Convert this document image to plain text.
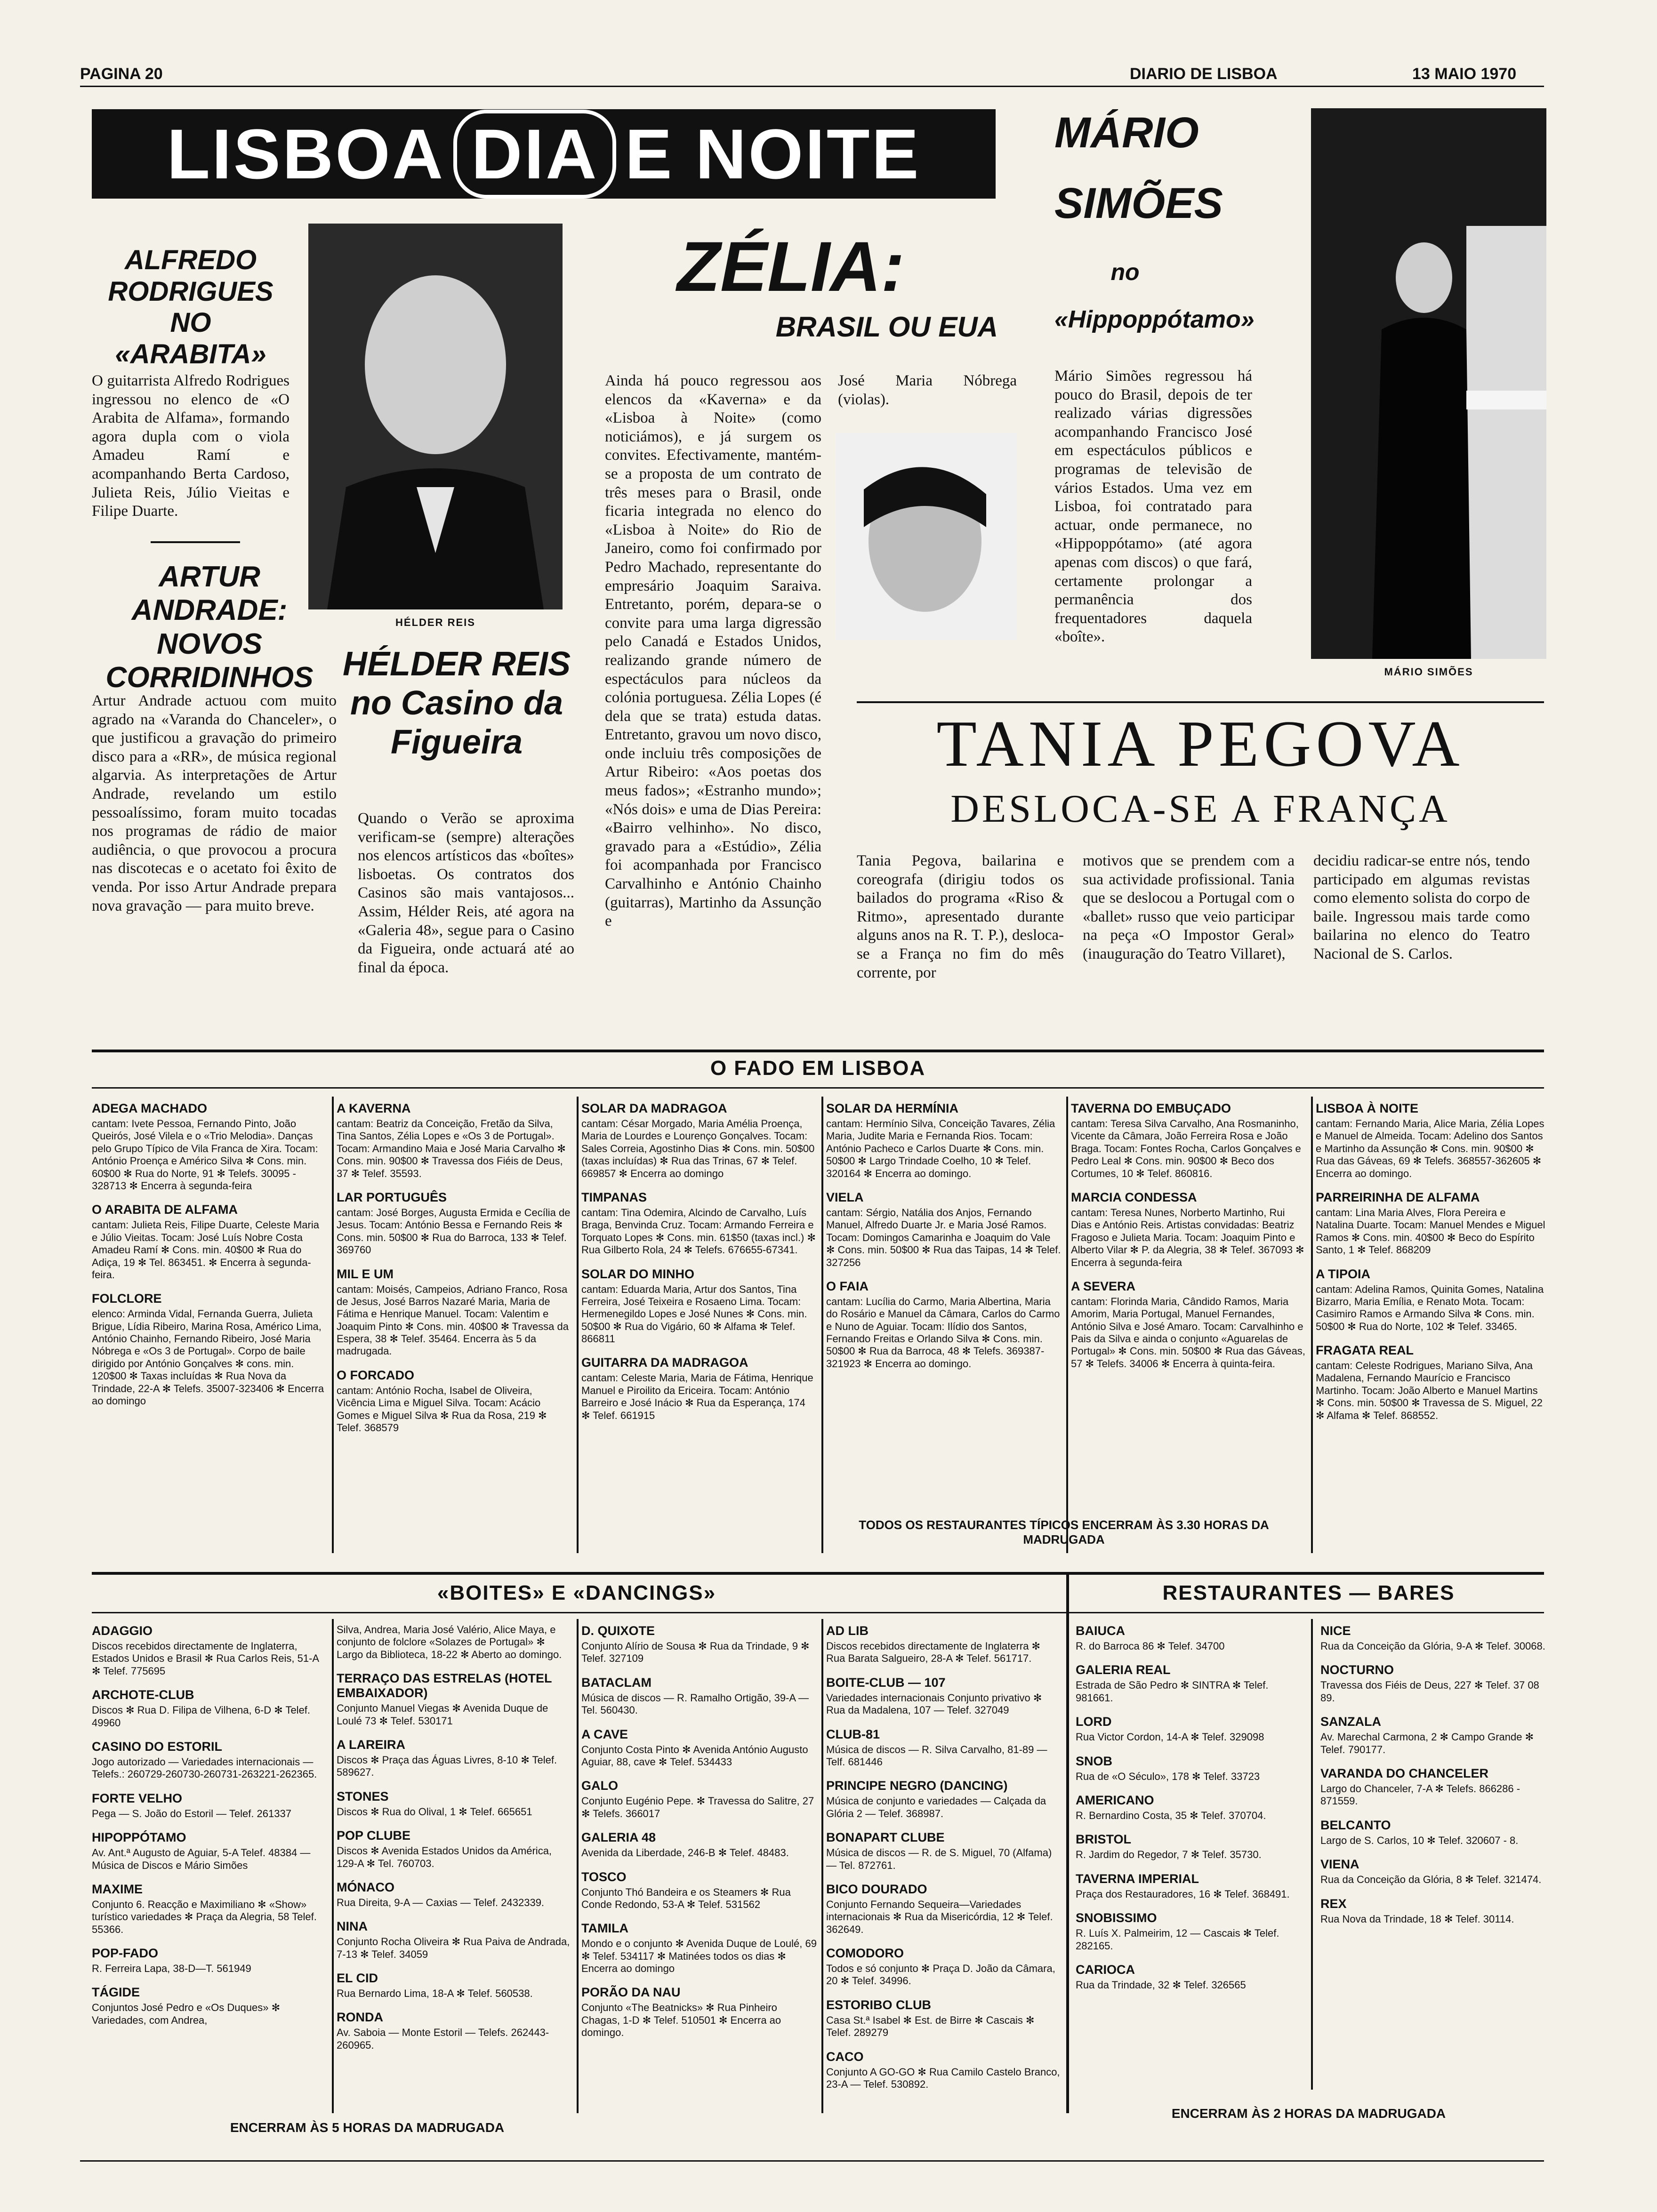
PAGINA 20	DIARIO DE LISBOA	13 MAIO 1970
LISBOA DIA E NOITE
ALFREDO RODRIGUES NO «ARABITA»
O guitarrista Alfredo Rodrigues ingressou no elenco de «O Arabita de Alfama», formando agora dupla com o viola Amadeu Ramí e acompanhando Berta Cardoso, Julieta Reis, Júlio Vieitas e Filipe Duarte.
ARTUR ANDRADE: NOVOS CORRIDINHOS
Artur Andrade actuou com muito agrado na «Varanda do Chanceler», o que justificou a gravação do primeiro disco para a «RR», de música regional algarvia. As interpretações de Artur Andrade, revelando um estilo pessoalíssimo, foram muito tocadas nos programas de rádio de maior audiência, o que provocou a procura nas discotecas e o acetato foi êxito de venda. Por isso Artur Andrade prepara nova gravação — para muito breve.
HÉLDER REIS
HÉLDER REIS no Casino da Figueira
Quando o Verão se aproxima verificam-se (sempre) alterações nos elencos artísticos das «boîtes» lisboetas. Os contratos dos Casinos são mais vantajosos... Assim, Hélder Reis, até agora na «Galeria 48», segue para o Casino da Figueira, onde actuará até ao final da época.
ZÉLIA:
BRASIL OU EUA
Ainda há pouco regressou aos elencos da «Kaverna» e da «Lisboa à Noite» (como noticiámos), e já surgem os convites. Efectivamente, mantém-se a proposta de um contrato de três meses para o Brasil, onde ficaria integrada no elenco do «Lisboa à Noite» do Rio de Janeiro, como foi confirmado por Pedro Machado, representante do empresário Joaquim Saraiva. Entretanto, porém, depara-se o convite para uma larga digressão pelo Canadá e Estados Unidos, realizando grande número de espectáculos para núcleos da colónia portuguesa. Zélia Lopes (é dela que se trata) estuda datas. Entretanto, gravou um novo disco, onde incluiu três composições de Artur Ribeiro: «Aos poetas dos meus fados»; «Estranho mundo»; «Nós dois» e uma de Dias Pereira: «Bairro velhinho». No disco, gravado para a «Estúdio», Zélia foi acompanhada por Francisco Carvalhinho e António Chainho (guitarras), Martinho da Assunção e
José Maria Nóbrega (violas).
MÁRIO
SIMÕES
no
«Hippoppótamo»
Mário Simões regressou há pouco do Brasil, depois de ter realizado várias digressões acompanhando Francisco José em espectáculos públicos e programas de televisão de vários Estados. Uma vez em Lisboa, foi contratado para actuar, onde permanece, no «Hippoppótamo» (até agora apenas com discos) o que fará, certamente prolongar a permanência dos frequentadores daquela «boîte».
MÁRIO SIMÕES
TANIA PEGOVA
DESLOCA-SE A FRANÇA
Tania Pegova, bailarina e coreografa (dirigiu todos os bailados do programa «Riso & Ritmo», apresentado durante alguns anos na R. T. P.), desloca-se a França no fim do mês corrente, por
motivos que se prendem com a sua actividade profissional. Tania que se deslocou a Portugal com o «ballet» russo que veio participar na peça «O Impostor Geral» (inauguração do Teatro Villaret),
decidiu radicar-se entre nós, tendo participado em algumas revistas como elemento solista do corpo de baile. Ingressou mais tarde como bailarina no elenco do Teatro Nacional de S. Carlos.
O FADO EM LISBOA
ADEGA MACHADO
cantam: Ivete Pessoa, Fernando Pinto, João Queirós, José Vilela e o «Trio Melodia». Danças pelo Grupo Típico de Vila Franca de Xira. Tocam: António Proença e Américo Silva ✻ Cons. min. 60$00 ✻ Rua do Norte, 91 ✻ Telefs. 30095 - 328713 ✻ Encerra à segunda-feira
O ARABITA DE ALFAMA
cantam: Julieta Reis, Filipe Duarte, Celeste Maria e Júlio Vieitas. Tocam: José Luís Nobre Costa Amadeu Ramí ✻ Cons. min. 40$00 ✻ Rua do Adiça, 19 ✻ Tel. 863451. ✻ Encerra à segunda-feira.
FOLCLORE
elenco: Arminda Vidal, Fernanda Guerra, Julieta Brigue, Lídia Ribeiro, Marina Rosa, Américo Lima, António Chainho, Fernando Ribeiro, José Maria Nóbrega e «Os 3 de Portugal». Corpo de baile dirigido por António Gonçalves ✻ cons. min. 120$00 ✻ Taxas incluídas ✻ Rua Nova da Trindade, 22-A ✻ Telefs. 35007-323406 ✻ Encerra ao domingo
A KAVERNA
cantam: Beatriz da Conceição, Fretão da Silva, Tina Santos, Zélia Lopes e «Os 3 de Portugal». Tocam: Armandino Maia e José Maria Carvalho ✻ Cons. min. 90$00 ✻ Travessa dos Fiéis de Deus, 37 ✻ Telef. 35593.
LAR PORTUGUÊS
cantam: José Borges, Augusta Ermida e Cecília de Jesus. Tocam: António Bessa e Fernando Reis ✻ Cons. min. 50$00 ✻ Rua do Barroca, 133 ✻ Telef. 369760
MIL E UM
cantam: Moisés, Campeios, Adriano Franco, Rosa de Jesus, José Barros Nazaré Maria, Maria de Fátima e Henrique Manuel. Tocam: Valentim e Joaquim Pinto ✻ Cons. min. 40$00 ✻ Travessa da Espera, 38 ✻ Telef. 35464. Encerra às 5 da madrugada.
O FORCADO
cantam: António Rocha, Isabel de Oliveira, Vicência Lima e Miguel Silva. Tocam: Acácio Gomes e Miguel Silva ✻ Rua da Rosa, 219 ✻ Telef. 368579
SOLAR DA MADRAGOA
cantam: César Morgado, Maria Amélia Proença, Maria de Lourdes e Lourenço Gonçalves. Tocam: Sales Correia, Agostinho Dias ✻ Cons. min. 50$00 (taxas incluídas) ✻ Rua das Trinas, 67 ✻ Telef. 669857 ✻ Encerra ao domingo
TIMPANAS
cantam: Tina Odemira, Alcindo de Carvalho, Luís Braga, Benvinda Cruz. Tocam: Armando Ferreira e Torquato Lopes ✻ Cons. min. 61$50 (taxas incl.) ✻ Rua Gilberto Rola, 24 ✻ Telefs. 676655-67341.
SOLAR DO MINHO
cantam: Eduarda Maria, Artur dos Santos, Tina Ferreira, José Teixeira e Rosaeno Lima. Tocam: Hermenegildo Lopes e José Nunes ✻ Cons. min. 50$00 ✻ Rua do Vigário, 60 ✻ Alfama ✻ Telef. 866811
GUITARRA DA MADRAGOA
cantam: Celeste Maria, Maria de Fátima, Henrique Manuel e Piroilito da Ericeira. Tocam: António Barreiro e José Inácio ✻ Rua da Esperança, 174 ✻ Telef. 661915
SOLAR DA HERMÍNIA
cantam: Hermínio Silva, Conceição Tavares, Zélia Maria, Judite Maria e Fernanda Rios. Tocam: António Pacheco e Carlos Duarte ✻ Cons. min. 50$00 ✻ Largo Trindade Coelho, 10 ✻ Telef. 320164 ✻ Encerra ao domingo.
VIELA
cantam: Sérgio, Natália dos Anjos, Fernando Manuel, Alfredo Duarte Jr. e Maria José Ramos. Tocam: Domingos Camarinha e Joaquim do Vale ✻ Cons. min. 50$00 ✻ Rua das Taipas, 14 ✻ Telef. 327256
O FAIA
cantam: Lucília do Carmo, Maria Albertina, Maria do Rosário e Manuel da Câmara, Carlos do Carmo e Nuno de Aguiar. Tocam: Ilídio dos Santos, Fernando Freitas e Orlando Silva ✻ Cons. min. 50$00 ✻ Rua da Barroca, 48 ✻ Telefs. 369387-321923 ✻ Encerra ao domingo.
TAVERNA DO EMBUÇADO
cantam: Teresa Silva Carvalho, Ana Rosmaninho, Vicente da Câmara, João Ferreira Rosa e João Braga. Tocam: Fontes Rocha, Carlos Gonçalves e Pedro Leal ✻ Cons. min. 90$00 ✻ Beco dos Cortumes, 10 ✻ Telef. 860816.
MARCIA CONDESSA
cantam: Teresa Nunes, Norberto Martinho, Rui Dias e António Reis. Artistas convidadas: Beatriz Fragoso e Julieta Maria. Tocam: Joaquim Pinto e Alberto Vilar ✻ P. da Alegria, 38 ✻ Telef. 367093 ✻ Encerra à segunda-feira
A SEVERA
cantam: Florinda Maria, Cândido Ramos, Maria Amorim, Maria Portugal, Manuel Fernandes, António Silva e José Amaro. Tocam: Carvalhinho e Pais da Silva e ainda o conjunto «Aguarelas de Portugal» ✻ Cons. min. 50$00 ✻ Rua das Gáveas, 57 ✻ Telefs. 34006 ✻ Encerra à quinta-feira.
LISBOA À NOITE
cantam: Fernando Maria, Alice Maria, Zélia Lopes e Manuel de Almeida. Tocam: Adelino dos Santos e Martinho da Assunção ✻ Cons. min. 90$00 ✻ Rua das Gáveas, 69 ✻ Telefs. 368557-362605 ✻ Encerra ao domingo.
PARREIRINHA DE ALFAMA
cantam: Lina Maria Alves, Flora Pereira e Natalina Duarte. Tocam: Manuel Mendes e Miguel Ramos ✻ Cons. min. 40$00 ✻ Beco do Espírito Santo, 1 ✻ Telef. 868209
A TIPOIA
cantam: Adelina Ramos, Quinita Gomes, Natalina Bizarro, Maria Emília, e Renato Mota. Tocam: Casimiro Ramos e Armando Silva ✻ Cons. min. 50$00 ✻ Rua do Norte, 102 ✻ Telef. 33465.
FRAGATA REAL
cantam: Celeste Rodrigues, Mariano Silva, Ana Madalena, Fernando Maurício e Francisco Martinho. Tocam: João Alberto e Manuel Martins ✻ Cons. min. 50$00 ✻ Travessa de S. Miguel, 22 ✻ Alfama ✻ Telef. 868552.
TODOS OS RESTAURANTES TÍPICOS ENCERRAM ÀS 3.30 HORAS DA MADRUGADA
«BOITES» E «DANCINGS»	RESTAURANTES — BARES
ADAGGIO
Discos recebidos directamente de Inglaterra, Estados Unidos e Brasil ✻ Rua Carlos Reis, 51-A ✻ Telef. 775695
ARCHOTE-CLUB
Discos ✻ Rua D. Filipa de Vilhena, 6-D ✻ Telef. 49960
CASINO DO ESTORIL
Jogo autorizado — Variedades internacionais — Telefs.: 260729-260730-260731-263221-262365.
FORTE VELHO
Pega — S. João do Estoril — Telef. 261337
HIPOPPÓTAMO
Av. Ant.ª Augusto de Aguiar, 5-A Telef. 48384 — Música de Discos e Mário Simões
MAXIME
Conjunto 6. Reacção e Maximiliano ✻ «Show» turístico variedades ✻ Praça da Alegria, 58 Telef. 55366.
POP-FADO
R. Ferreira Lapa, 38-D—T. 561949
TÁGIDE
Conjuntos José Pedro e «Os Duques» ✻ Variedades, com Andrea,
Silva, Andrea, Maria José Valério, Alice Maya, e conjunto de folclore «Solazes de Portugal» ✻ Largo da Biblioteca, 18-22 ✻ Aberto ao domingo.
TERRAÇO DAS ESTRELAS (HOTEL EMBAIXADOR)
Conjunto Manuel Viegas ✻ Avenida Duque de Loulé 73 ✻ Telef. 530171
A LAREIRA
Discos ✻ Praça das Águas Livres, 8-10 ✻ Telef. 589627.
STONES
Discos ✻ Rua do Olival, 1 ✻ Telef. 665651
POP CLUBE
Discos ✻ Avenida Estados Unidos da América, 129-A ✻ Tel. 760703.
MÓNACO
Rua Direita, 9-A — Caxias — Telef. 2432339.
NINA
Conjunto Rocha Oliveira ✻ Rua Paiva de Andrada, 7-13 ✻ Telef. 34059
EL CID
Rua Bernardo Lima, 18-A ✻ Telef. 560538.
RONDA
Av. Saboia — Monte Estoril — Telefs. 262443-260965.
D. QUIXOTE
Conjunto Alírio de Sousa ✻ Rua da Trindade, 9 ✻ Telef. 327109
BATACLAM
Música de discos — R. Ramalho Ortigão, 39-A — Tel. 560430.
A CAVE
Conjunto Costa Pinto ✻ Avenida António Augusto Aguiar, 88, cave ✻ Telef. 534433
GALO
Conjunto Eugénio Pepe. ✻ Travessa do Salitre, 27 ✻ Telefs. 366017
GALERIA 48
Avenida da Liberdade, 246-B ✻ Telef. 48483.
TOSCO
Conjunto Thó Bandeira e os Steamers ✻ Rua Conde Redondo, 53-A ✻ Telef. 531562
TAMILA
Mondo e o conjunto ✻ Avenida Duque de Loulé, 69 ✻ Telef. 534117 ✻ Matinées todos os dias ✻ Encerra ao domingo
PORÃO DA NAU
Conjunto «The Beatnicks» ✻ Rua Pinheiro Chagas, 1-D ✻ Telef. 510501 ✻ Encerra ao domingo.
AD LIB
Discos recebidos directamente de Inglaterra ✻ Rua Barata Salgueiro, 28-A ✻ Telef. 561717.
BOITE-CLUB — 107
Variedades internacionais Conjunto privativo ✻ Rua da Madalena, 107 — Telef. 327049
CLUB-81
Música de discos — R. Silva Carvalho, 81-89 — Telf. 681446
PRINCIPE NEGRO (DANCING)
Música de conjunto e variedades — Calçada da Glória 2 — Telef. 368987.
BONAPART CLUBE
Música de discos — R. de S. Miguel, 70 (Alfama) — Tel. 872761.
BICO DOURADO
Conjunto Fernando Sequeira—Variedades internacionais ✻ Rua da Misericórdia, 12 ✻ Telef. 362649.
COMODORO
Todos e só conjunto ✻ Praça D. João da Câmara, 20 ✻ Telef. 34996.
ESTORIBO CLUB
Casa St.ª Isabel ✻ Est. de Birre ✻ Cascais ✻ Telef. 289279
CACO
Conjunto A GO-GO ✻ Rua Camilo Castelo Branco, 23-A — Telef. 530892.
BAIUCA
R. do Barroca 86 ✻ Telef. 34700
GALERIA REAL
Estrada de São Pedro ✻ SINTRA ✻ Telef. 981661.
LORD
Rua Victor Cordon, 14-A ✻ Telef. 329098
SNOB
Rua de «O Século», 178 ✻ Telef. 33723
AMERICANO
R. Bernardino Costa, 35 ✻ Telef. 370704.
BRISTOL
R. Jardim do Regedor, 7 ✻ Telef. 35730.
TAVERNA IMPERIAL
Praça dos Restauradores, 16 ✻ Telef. 368491.
SNOBISSIMO
R. Luís X. Palmeirim, 12 — Cascais ✻ Telef. 282165.
CARIOCA
Rua da Trindade, 32 ✻ Telef. 326565
NICE
Rua da Conceição da Glória, 9-A ✻ Telef. 30068.
NOCTURNO
Travessa dos Fiéis de Deus, 227 ✻ Telef. 37 08 89.
SANZALA
Av. Marechal Carmona, 2 ✻ Campo Grande ✻ Telef. 790177.
VARANDA DO CHANCELER
Largo do Chanceler, 7-A ✻ Telefs. 866286 - 871559.
BELCANTO
Largo de S. Carlos, 10 ✻ Telef. 320607 - 8.
VIENA
Rua da Conceição da Glória, 8 ✻ Telef. 321474.
REX
Rua Nova da Trindade, 18 ✻ Telef. 30114.
ENCERRAM ÀS 5 HORAS DA MADRUGADA
ENCERRAM ÀS 2 HORAS DA MADRUGADA
